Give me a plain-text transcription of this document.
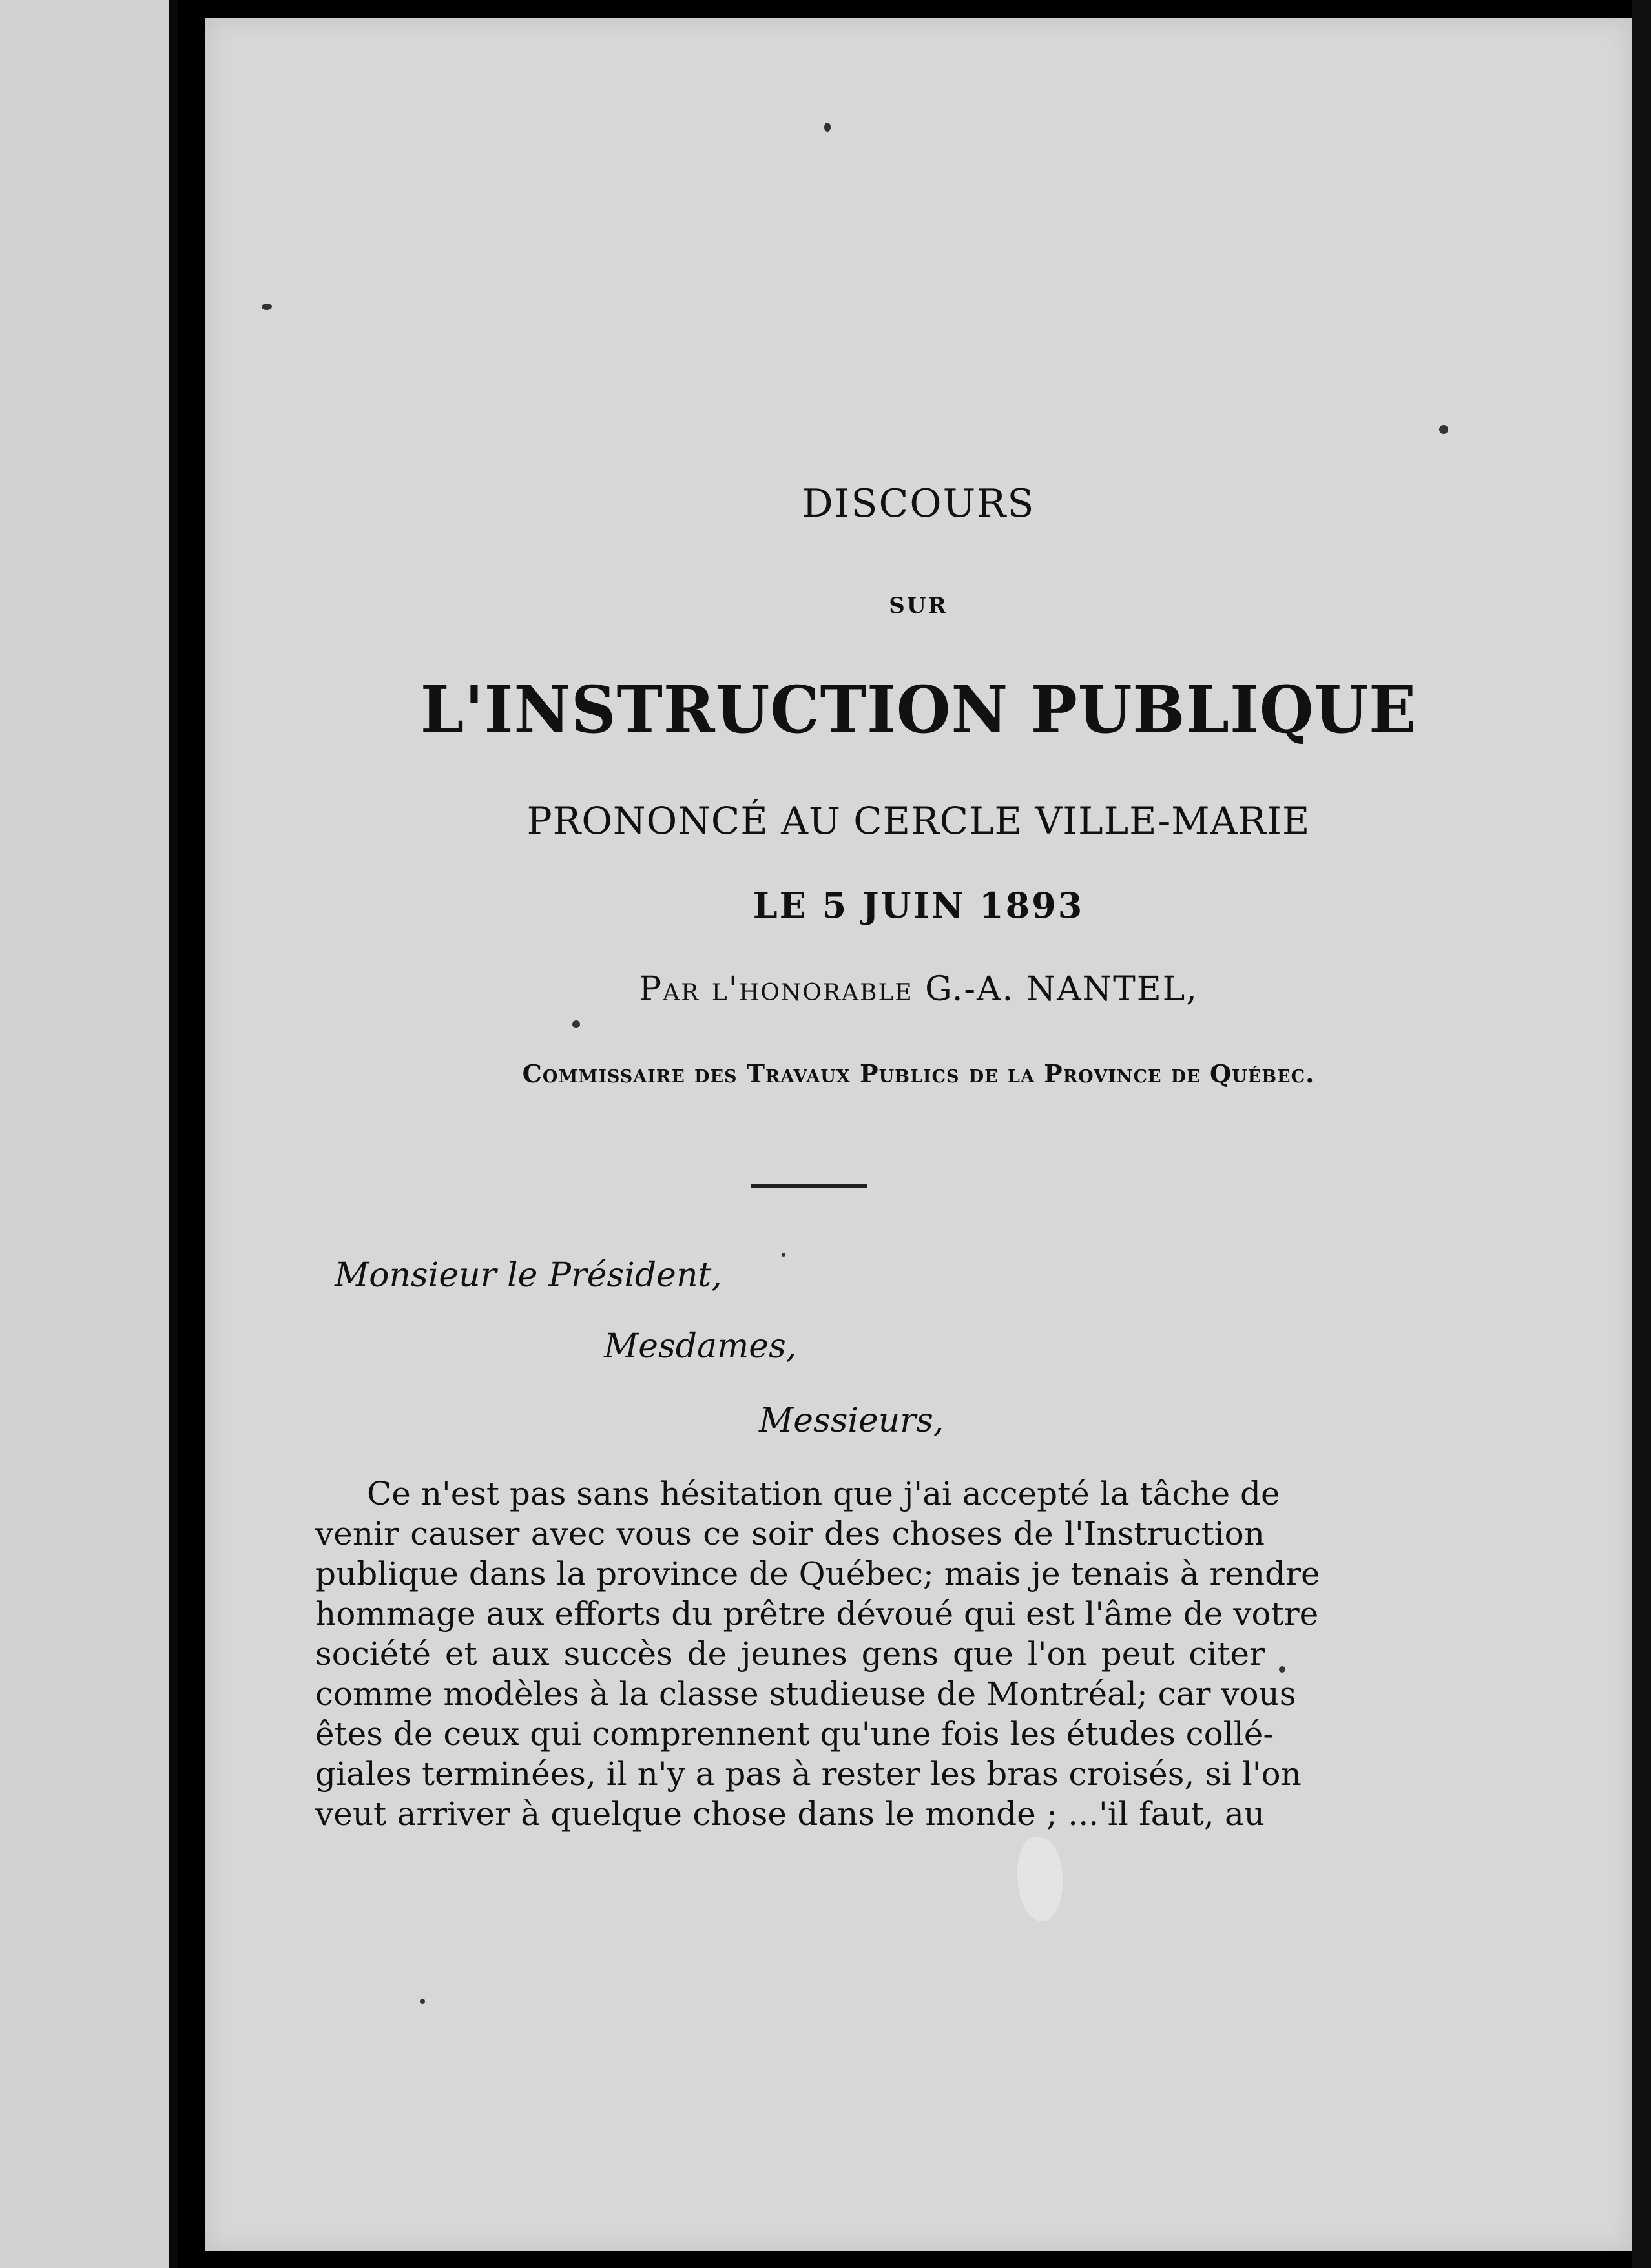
DISCOURS
SUR
L'INSTRUCTION PUBLIQUE
PRONONCÉ AU CERCLE VILLE-MARIE
LE 5 JUIN 1893
Par l'honorable G.-A. NANTEL,
Commissaire des Travaux Publics de la Province de Québec.
Monsieur le Président,
Mesdames,
Messieurs,
Ce n'est pas sans hésitation que j'ai accepté la tâche de
venir causer avec vous ce soir des choses de l'Instruction
publique dans la province de Québec; mais je tenais à rendre
hommage aux efforts du prêtre dévoué qui est l'âme de votre
société et aux succès de jeunes gens que l'on peut citer
comme modèles à la classe studieuse de Montréal; car vous
êtes de ceux qui comprennent qu'une fois les études collé-
giales terminées, il n'y a pas à rester les bras croisés, si l'on
veut arriver à quelque chose dans le monde ; ...'il faut, au
